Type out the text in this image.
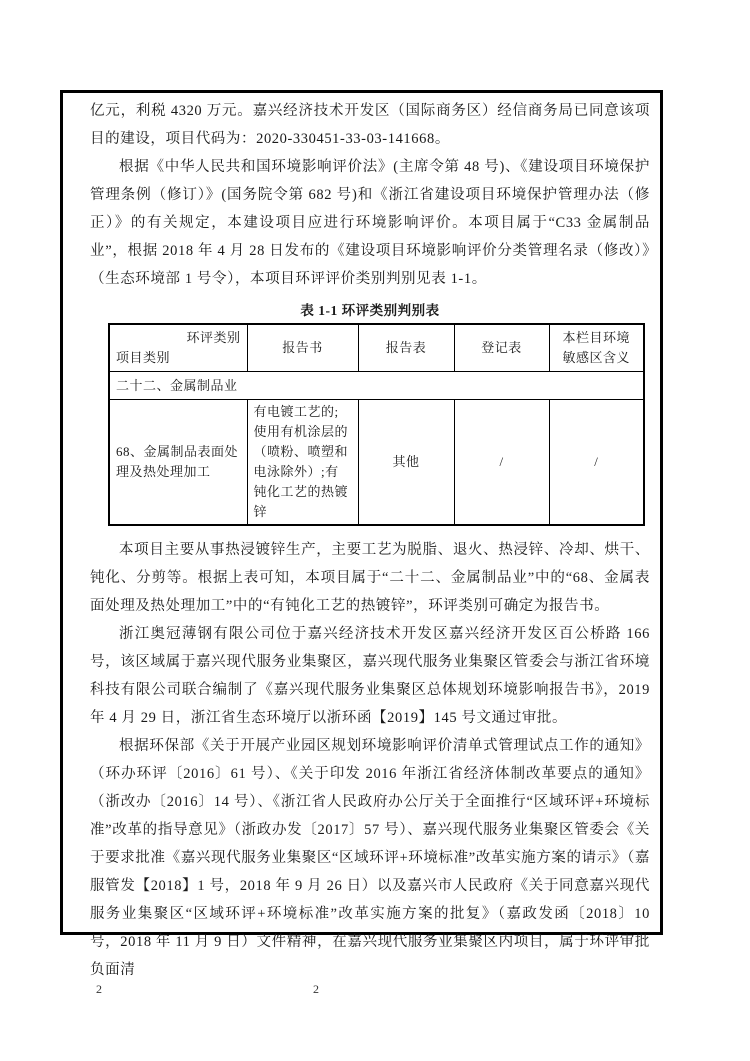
亿元，利税 4320 万元。嘉兴经济技术开发区（国际商务区）经信商务局已同意该项目的建设，项目代码为：2020-330451-33-03-141668。

根据《中华人民共和国环境影响评价法》(主席令第 48 号)、《建设项目环境保护管理条例（修订）》(国务院令第 682 号)和《浙江省建设项目环境保护管理办法（修正）》的有关规定，本建设项目应进行环境影响评价。本项目属于“C33 金属制品业”，根据 2018 年 4 月 28 日发布的《建设项目环境影响评价分类管理名录（修改）》（生态环境部 1 号令），本项目环评评价类别判别见表 1-1。

表 1-1 环评类别判别表
环评类别
项目类别	报告书	报告表	登记表	本栏目环境敏感区含义
二十二、金属制品业				
68、金属制品表面处理及热处理加工	有电镀工艺的;使用有机涂层的（喷粉、喷塑和电泳除外）;有钝化工艺的热镀锌	其他	/	/

本项目主要从事热浸镀锌生产，主要工艺为脱脂、退火、热浸锌、冷却、烘干、钝化、分剪等。根据上表可知，本项目属于“二十二、金属制品业”中的“68、金属表面处理及热处理加工”中的“有钝化工艺的热镀锌”，环评类别可确定为报告书。

浙江奥冠薄钢有限公司位于嘉兴经济技术开发区嘉兴经济开发区百公桥路 166 号，该区域属于嘉兴现代服务业集聚区，嘉兴现代服务业集聚区管委会与浙江省环境科技有限公司联合编制了《嘉兴现代服务业集聚区总体规划环境影响报告书》，2019 年 4 月 29 日，浙江省生态环境厅以浙环函【2019】145 号文通过审批。

根据环保部《关于开展产业园区规划环境影响评价清单式管理试点工作的通知》（环办环评〔2016〕61 号）、《关于印发 2016 年浙江省经济体制改革要点的通知》（浙改办〔2016〕14 号）、《浙江省人民政府办公厅关于全面推行“区域环评+环境标准”改革的指导意见》（浙政办发〔2017〕57 号）、嘉兴现代服务业集聚区管委会《关于要求批准《嘉兴现代服务业集聚区“区域环评+环境标准”改革实施方案的请示》（嘉服管发【2018】1 号，2018 年 9 月 26 日）以及嘉兴市人民政府《关于同意嘉兴现代服务业集聚区“区域环评+环境标准”改革实施方案的批复》（嘉政发函〔2018〕10 号，2018 年 11 月 9 日）文件精神，在嘉兴现代服务业集聚区内项目，属于环评审批负面清

2	2
